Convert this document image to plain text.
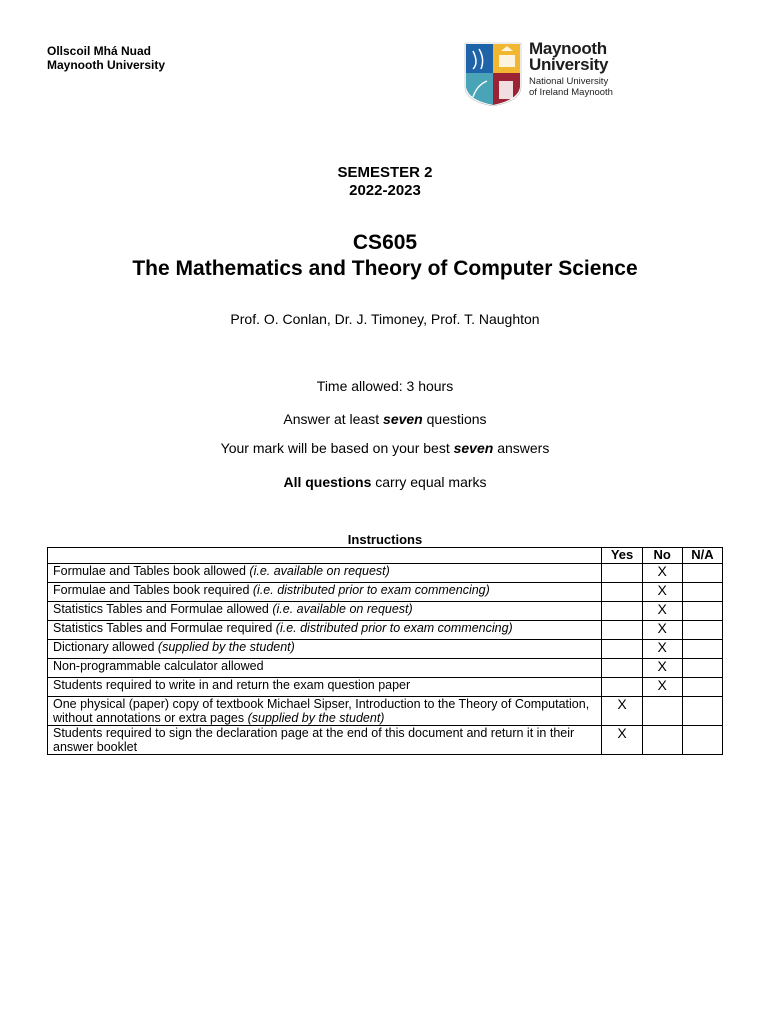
Ollscoil Mhá Nuad
Maynooth University
Maynooth
University
National University
of Ireland Maynooth
SEMESTER 2
2022-2023
CS605
The Mathematics and Theory of Computer Science
Prof. O. Conlan, Dr. J. Timoney, Prof. T. Naughton
Time allowed: 3 hours
Answer at least seven questions
Your mark will be based on your best seven answers
All questions carry equal marks
Instructions
	Yes	No	N/A
Formulae and Tables book allowed (i.e. available on request)		X	
Formulae and Tables book required (i.e. distributed prior to exam commencing)		X	
Statistics Tables and Formulae allowed (i.e. available on request)		X	
Statistics Tables and Formulae required (i.e. distributed prior to exam commencing)		X	
Dictionary allowed (supplied by the student)		X	
Non-programmable calculator allowed		X	
Students required to write in and return the exam question paper		X	
One physical (paper) copy of textbook Michael Sipser, Introduction to the Theory of Computation, without annotations or extra pages (supplied by the student)	X		
Students required to sign the declaration page at the end of this document and return it in their answer booklet	X		
